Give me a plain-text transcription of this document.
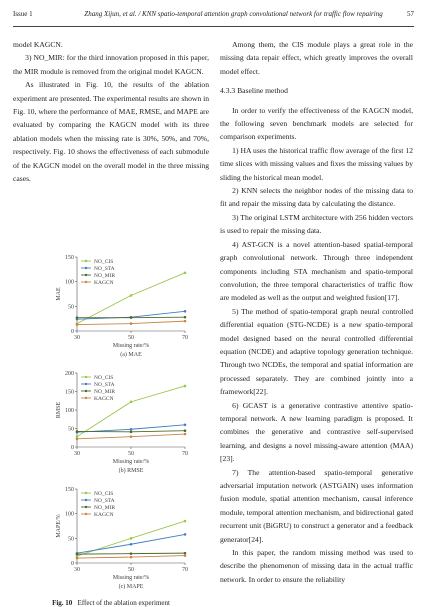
Issue 1	Zhang Xijun, et al. / KNN spatio-temporal attention graph convolutional network for traffic flow repairing	57

model KAGCN.

3) NO_MIR: for the third innovation proposed in this paper, the MIR module is removed from the original model KAGCN.

As illustrated in Fig. 10, the results of the ablation experiment are presented. The experimental results are shown in Fig. 10, where the performance of MAE, RMSE, and MAPE are evaluated by comparing the KAGCN model with its three ablation models when the missing rate is 30%, 50%, and 70%, respectively. Fig. 10 shows the effectiveness of each submodule of the KAGCN model on the overall model in the three missing cases.

0
50
100
150
30	50	70
Missing rate/%
MAE
(a) MAE
NO_CIS
NO_STA
NO_MIR
KAGCN
0
50
100
150
200
30	50	70
Missing rate/%
RMSE
(b) RMSE
NO_CIS
NO_STA
NO_MIR
KAGCN
0
50
100
150
30	50	70
Missing rate/%
MAPE/%
(c) MAPE
NO_CIS
NO_STA
NO_MIR
KAGCN
Fig. 10 Effect of the ablation experiment

Among them, the CIS module plays a great role in the missing data repair effect, which greatly improves the overall model effect.

4.3.3 Baseline method

In order to verify the effectiveness of the KAGCN model, the following seven benchmark models are selected for comparison experiments.

1) HA uses the historical traffic flow average of the first 12 time slices with missing values and fixes the missing values by sliding the historical mean model.

2) KNN selects the neighbor nodes of the missing data to fit and repair the missing data by calculating the distance.

3) The original LSTM architecture with 256 hidden vectors is used to repair the missing data.

4) AST-GCN is a novel attention-based spatial-temporal graph convolutional network. Through three independent components including STA mechanism and spatio-temporal convolution, the three temporal characteristics of traffic flow are modeled as well as the output and weighted fusion[17].

5) The method of spatio-temporal graph neural controlled differential equation (STG-NCDE) is a new spatio-temporal model designed based on the neural controlled differential equation (NCDE) and adaptive topology generation technique. Through two NCDEs, the temporal and spatial information are processed separately. They are combined jointly into a framework[22].

6) GCAST is a generative contrastive attentive spatio-temporal network. A new learning paradigm is proposed. It combines the generative and contrastive self-supervised learning, and designs a novel missing-aware attention (MAA)[23].

7) The attention-based spatio-temporal generative adversarial imputation network (ASTGAIN) uses information fusion module, spatial attention mechanism, causal inference module, temporal attention mechanism, and bidirectional gated recurrent unit (BiGRU) to construct a generator and a feedback generator[24].

In this paper, the random missing method was used to describe the phenomenon of missing data in the actual traffic network. In order to ensure the reliability
